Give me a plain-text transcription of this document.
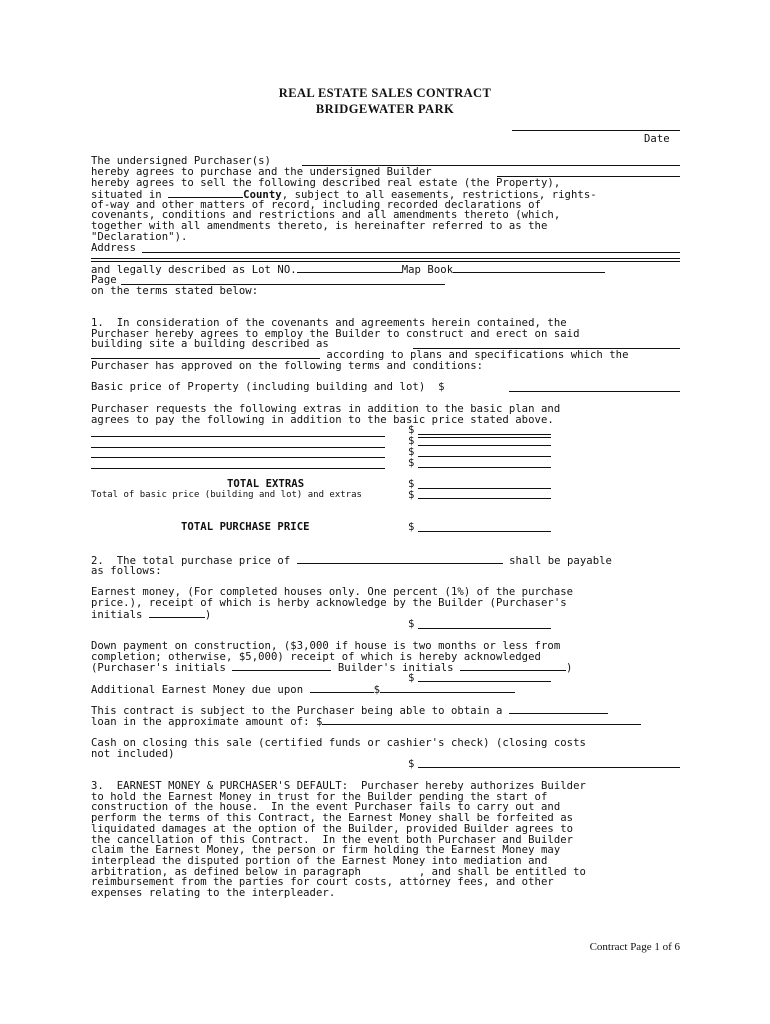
REAL ESTATE SALES CONTRACT
BRIDGEWATER PARK
Date
The undersigned Purchaser(s)
hereby agrees to purchase and the undersigned Builder
hereby agrees to sell the following described real estate (the Property),
situated in	County, subject to all easements, restrictions, rights-
of-way and other matters of record, including recorded declarations of
covenants, conditions and restrictions and all amendments thereto (which,
together with all amendments thereto, is hereinafter referred to as the
"Declaration").
Address
and legally described as Lot NO.	Map Book
Page
on the terms stated below:
1.  In consideration of the covenants and agreements herein contained, the
Purchaser hereby agrees to employ the Builder to construct and erect on said
building site a building described as
according to plans and specifications which the
Purchaser has approved on the following terms and conditions:
Basic price of Property (including building and lot)  $
Purchaser requests the following extras in addition to the basic plan and
agrees to pay the following in addition to the basic price stated above.
$
$
$
$
TOTAL EXTRAS	$
Total of basic price (building and lot) and extras	$
TOTAL PURCHASE PRICE	$
2.  The total purchase price of	shall be payable
as follows:
Earnest money, (For completed houses only. One percent (1%) of the purchase
price.), receipt of which is herby acknowledge by the Builder (Purchaser's
initials	)
$
Down payment on construction, ($3,000 if house is two months or less from
completion; otherwise, $5,000) receipt of which is hereby acknowledged
(Purchaser's initials	Builder's initials	)
$
Additional Earnest Money due upon	$
This contract is subject to the Purchaser being able to obtain a
loan in the approximate amount of: $
Cash on closing this sale (certified funds or cashier's check) (closing costs
not included)
$
3.  EARNEST MONEY & PURCHASER'S DEFAULT:  Purchaser hereby authorizes Builder
to hold the Earnest Money in trust for the Builder pending the start of
construction of the house.  In the event Purchaser fails to carry out and
perform the terms of this Contract, the Earnest Money shall be forfeited as
liquidated damages at the option of the Builder, provided Builder agrees to
the cancellation of this Contract.  In the event both Purchaser and Builder
claim the Earnest Money, the person or firm holding the Earnest Money may
interplead the disputed portion of the Earnest Money into mediation and
arbitration, as defined below in paragraph         , and shall be entitled to
reimbursement from the parties for court costs, attorney fees, and other
expenses relating to the interpleader.
Contract Page 1 of 6
